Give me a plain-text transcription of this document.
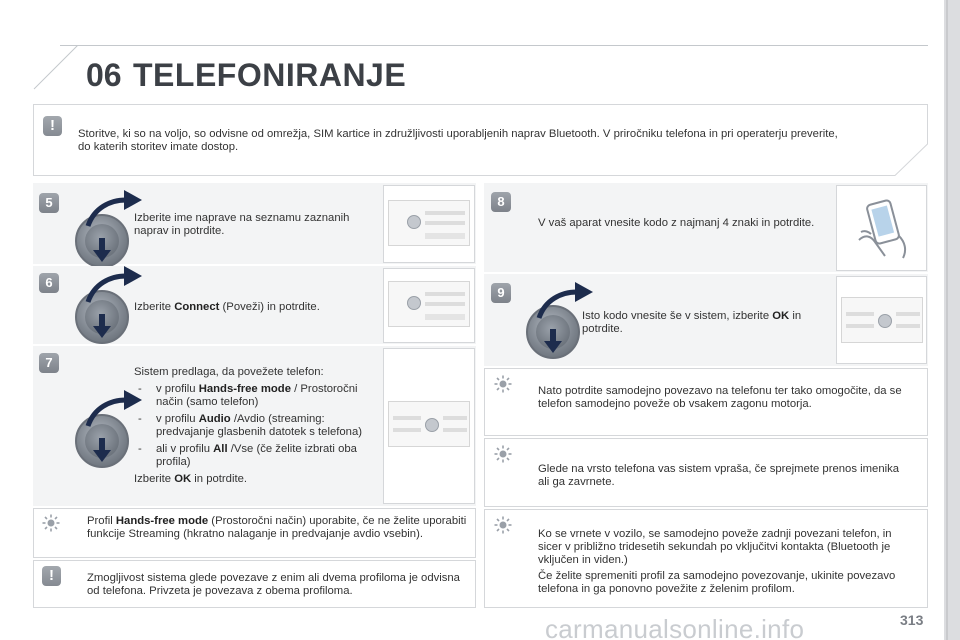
06 TELEFONIRANJE
!	Storitve, ki so na voljo, so odvisne od omrežja, SIM kartice in združljivosti uporabljenih naprav Bluetooth. V priročniku telefona in pri operaterju preverite, do katerih storitev imate dostop.
5
Izberite ime naprave na seznamu zaznanih naprav in potrdite.
6
Izberite Connect (Poveži) in potrdite.
7
Sistem predlaga, da povežete telefon:
- v profilu Hands-free mode / Prostoročni način (samo telefon)
- v profilu Audio /Avdio (streaming: predvajanje glasbenih datotek s telefona)
- ali v profilu All /Vse (če želite izbrati oba profila)
Izberite OK in potrdite.
Profil Hands-free mode (Prostoročni način) uporabite, če ne želite uporabiti funkcije Streaming (hkratno nalaganje in predvajanje avdio vsebin).
!	Zmogljivost sistema glede povezave z enim ali dvema profiloma je odvisna od telefona. Privzeta je povezava z obema profiloma.
8
V vaš aparat vnesite kodo z najmanj 4 znaki in potrdite.
9
Isto kodo vnesite še v sistem, izberite OK in potrdite.
Nato potrdite samodejno povezavo na telefonu ter tako omogočite, da se telefon samodejno poveže ob vsakem zagonu motorja.
Glede na vrsto telefona vas sistem vpraša, če sprejmete prenos imenika ali ga zavrnete.
Ko se vrnete v vozilo, se samodejno poveže zadnji povezani telefon, in sicer v približno tridesetih sekundah po vklјučitvi kontakta (Bluetooth je vključen in viden.)
Če želite spremeniti profil za samodejno povezovanje, ukinite povezavo telefona in ga ponovno povežite z želenim profilom.
carmanualsonline.info	313
